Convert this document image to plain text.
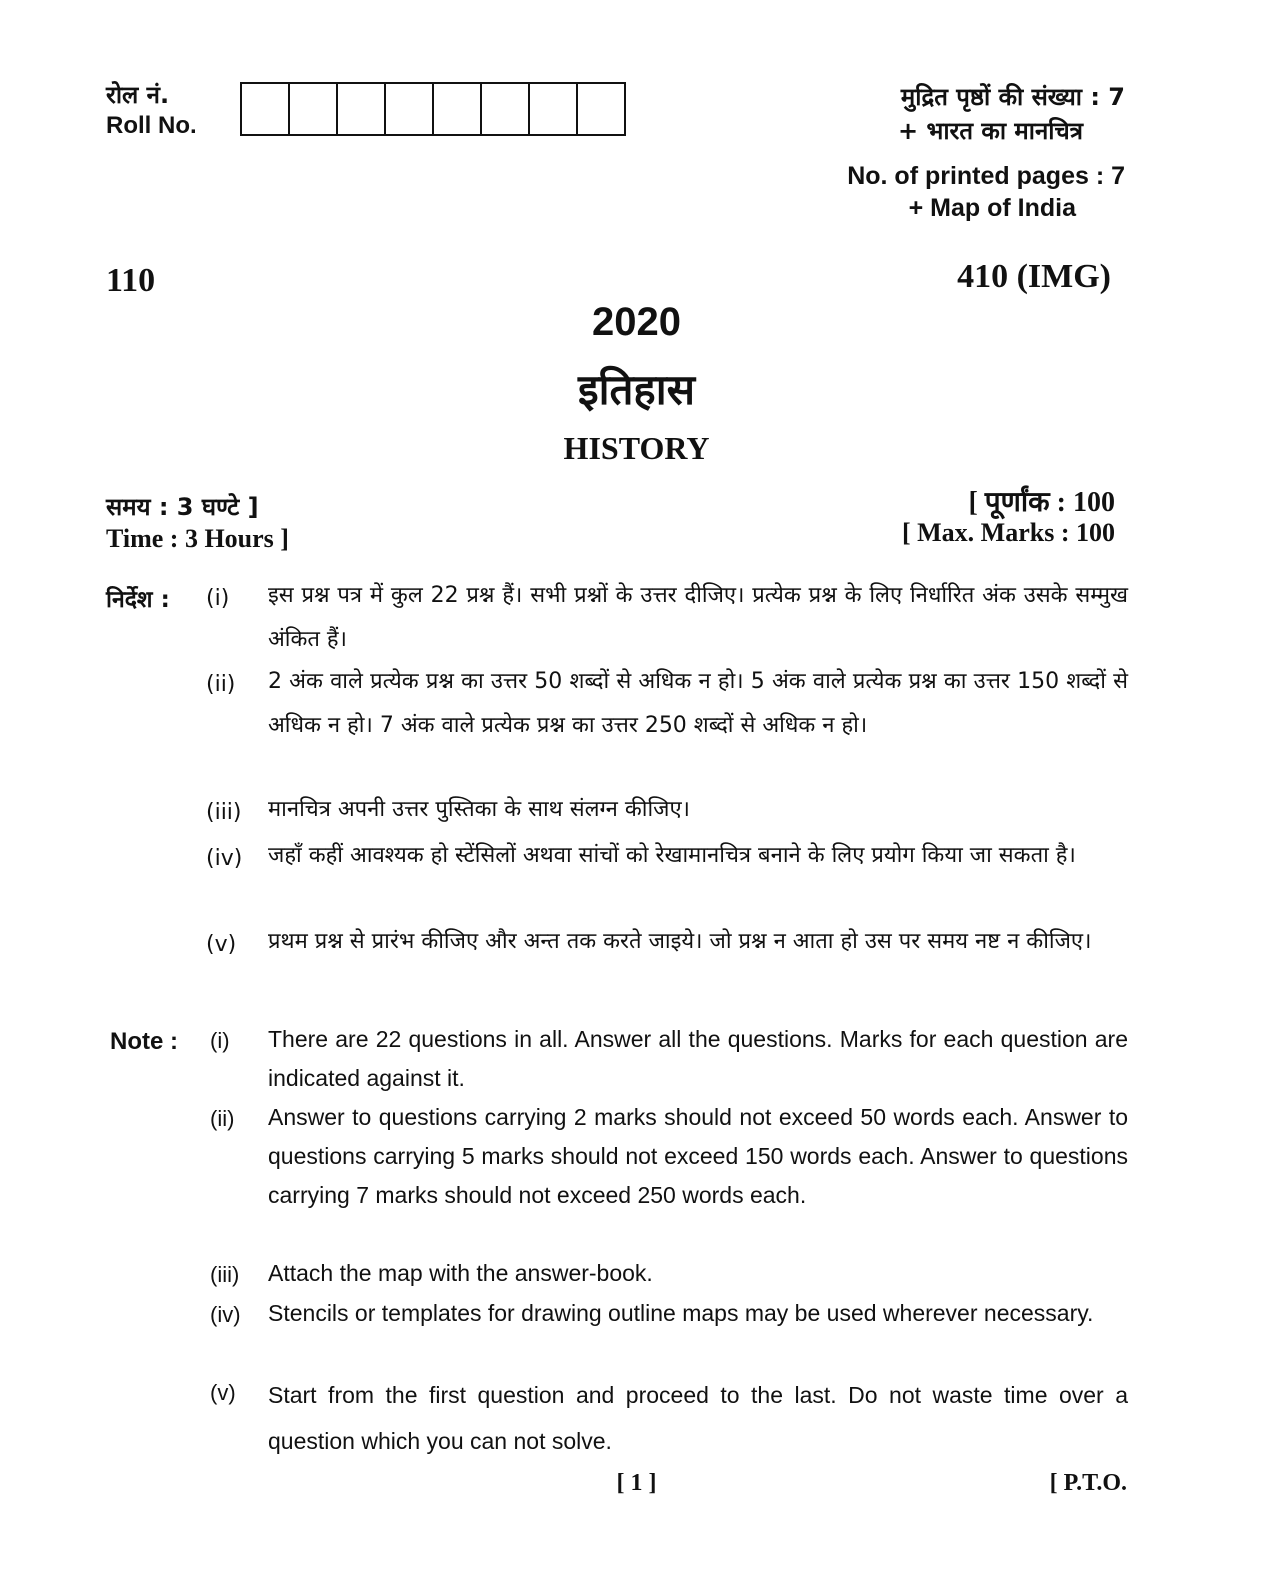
रोल नं.
Roll No.
मुद्रित पृष्ठों की संख्या : 7
+ भारत का मानचित्र
No. of printed pages : 7
+ Map of India
110	410 (IMG)
2020
इतिहास
HISTORY
समय : 3 घण्टे ]
Time : 3 Hours ]
[ पूर्णांक : 100
[ Max. Marks : 100
निर्देश : (i) इस प्रश्न पत्र में कुल 22 प्रश्न हैं। सभी प्रश्नों के उत्तर दीजिए। प्रत्येक प्रश्न के लिए निर्धारित अंक उसके सम्मुख अंकित हैं।
(ii) 2 अंक वाले प्रत्येक प्रश्न का उत्तर 50 शब्दों से अधिक न हो। 5 अंक वाले प्रत्येक प्रश्न का उत्तर 150 शब्दों से अधिक न हो। 7 अंक वाले प्रत्येक प्रश्न का उत्तर 250 शब्दों से अधिक न हो।
(iii) मानचित्र अपनी उत्तर पुस्तिका के साथ संलग्न कीजिए।
(iv) जहाँ कहीं आवश्यक हो स्टेंसिलों अथवा सांचों को रेखामानचित्र बनाने के लिए प्रयोग किया जा सकता है।
(v) प्रथम प्रश्न से प्रारंभ कीजिए और अन्त तक करते जाइये। जो प्रश्न न आता हो उस पर समय नष्ट न कीजिए।
Note : (i) There are 22 questions in all. Answer all the questions. Marks for each question are indicated against it.
(ii) Answer to questions carrying 2 marks should not exceed 50 words each. Answer to questions carrying 5 marks should not exceed 150 words each. Answer to questions carrying 7 marks should not exceed 250 words each.
(iii) Attach the map with the answer-book.
(iv) Stencils or templates for drawing outline maps may be used wherever necessary.
(v) Start from the first question and proceed to the last. Do not waste time over a question which you can not solve.
[ 1 ]	[ P.T.O.
